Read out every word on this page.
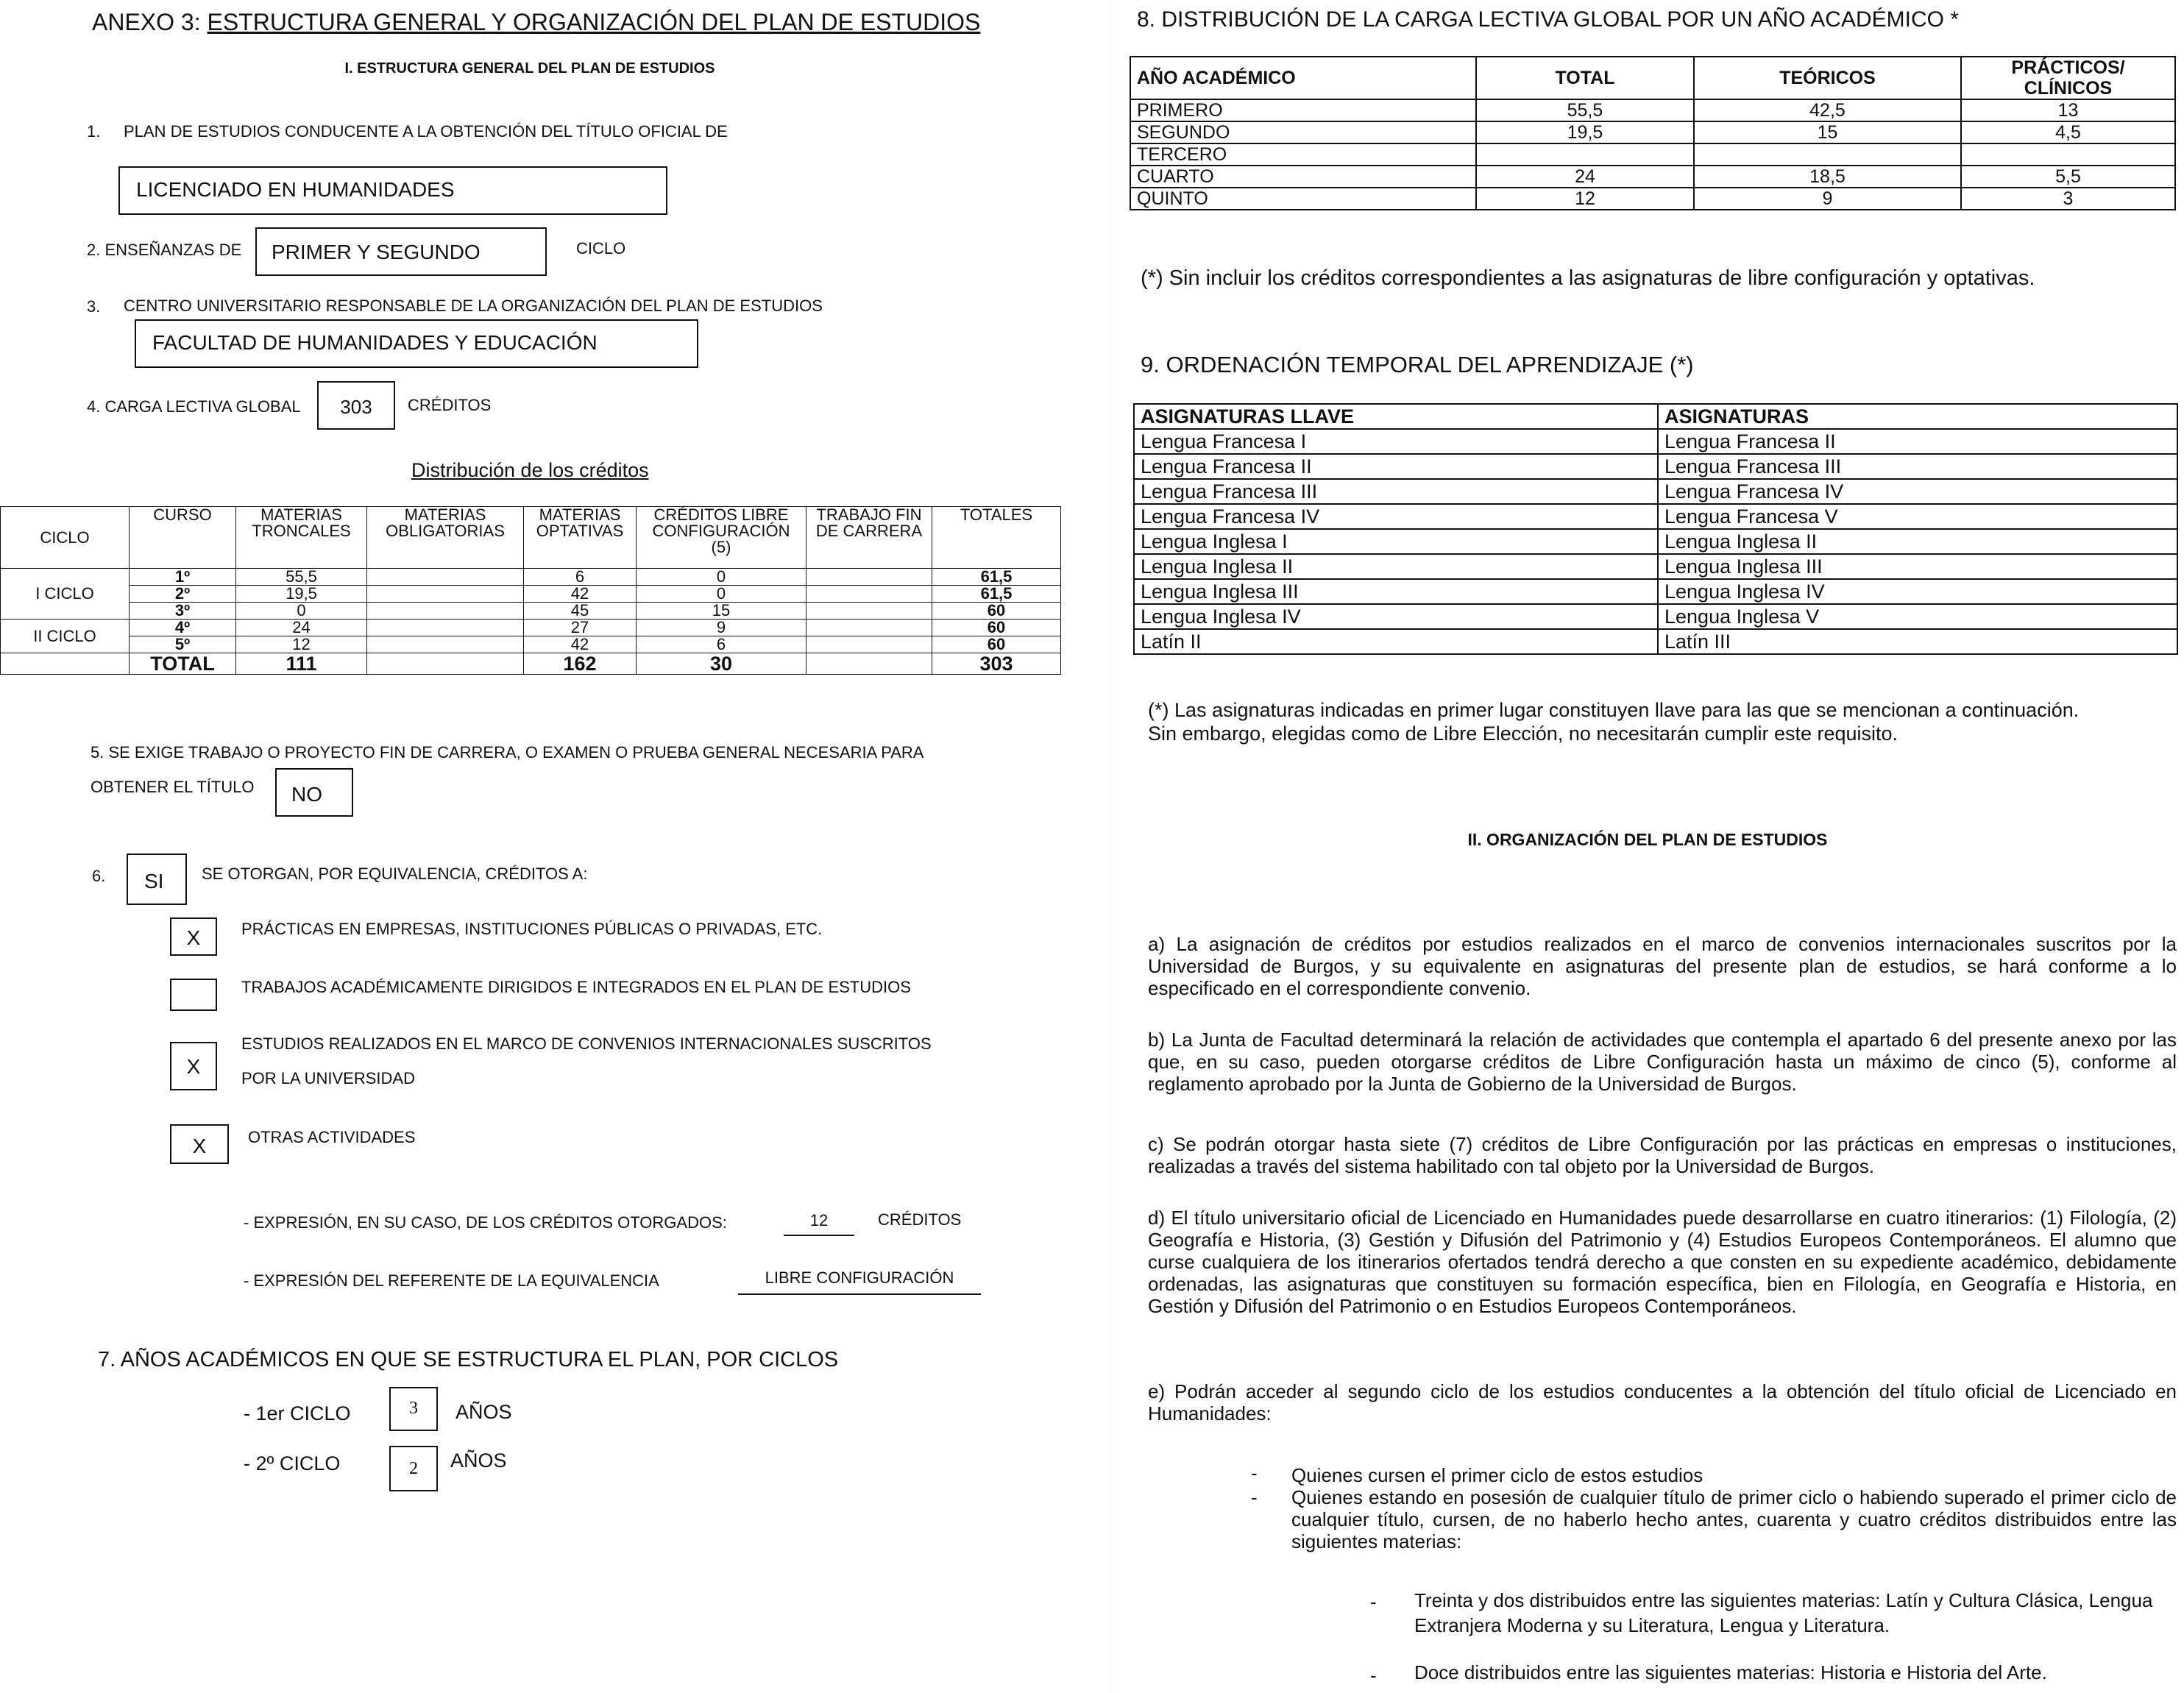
ANEXO 3: ESTRUCTURA GENERAL Y ORGANIZACIÓN DEL PLAN DE ESTUDIOS
I. ESTRUCTURA GENERAL DEL PLAN DE ESTUDIOS
1. PLAN DE ESTUDIOS CONDUCENTE A LA OBTENCIÓN DEL TÍTULO OFICIAL DE
LICENCIADO EN HUMANIDADES
2. ENSEÑANZAS DE PRIMER Y SEGUNDO	CICLO
3. CENTRO UNIVERSITARIO RESPONSABLE DE LA ORGANIZACIÓN DEL PLAN DE ESTUDIOS
FACULTAD DE HUMANIDADES Y EDUCACIÓN
4. CARGA LECTIVA GLOBAL	303	CRÉDITOS
Distribución de los créditos
CICLO	CURSO	MATERIAS TRONCALES	MATERIAS OBLIGATORIAS	MATERIAS OPTATIVAS	CRÉDITOS LIBRE CONFIGURACIÓN (5)	TRABAJO FIN DE CARRERA	TOTALES
I CICLO	1º	55,5		6	0		61,5
	2º	19,5		42	0		61,5
	3º	0		45	15		60
II CICLO	4º	24		27	9		60
	5º	12		42	6		60
	TOTAL	111		162	30		303
5. SE EXIGE TRABAJO O PROYECTO FIN DE CARRERA, O EXAMEN O PRUEBA GENERAL NECESARIA PARA
OBTENER EL TÍTULO NO
6. SI SE OTORGAN, POR EQUIVALENCIA, CRÉDITOS A:
X	PRÁCTICAS EN EMPRESAS, INSTITUCIONES PÚBLICAS O PRIVADAS, ETC.
TRABAJOS ACADÉMICAMENTE DIRIGIDOS E INTEGRADOS EN EL PLAN DE ESTUDIOS
X
ESTUDIOS REALIZADOS EN EL MARCO DE CONVENIOS INTERNACIONALES SUSCRITOS
POR LA UNIVERSIDAD
X	OTRAS ACTIVIDADES
- EXPRESIÓN, EN SU CASO, DE LOS CRÉDITOS OTORGADOS:	12	CRÉDITOS
- EXPRESIÓN DEL REFERENTE DE LA EQUIVALENCIA	LIBRE CONFIGURACIÓN
7. AÑOS ACADÉMICOS EN QUE SE ESTRUCTURA EL PLAN, POR CICLOS
- 1er CICLO	3	AÑOS
- 2º CICLO	2	AÑOS
8. DISTRIBUCIÓN DE LA CARGA LECTIVA GLOBAL POR UN AÑO ACADÉMICO *
AÑO ACADÉMICO	TOTAL	TEÓRICOS	PRÁCTICOS/ CLÍNICOS
PRIMERO	55,5	42,5	13
SEGUNDO	19,5	15	4,5
TERCERO			
CUARTO	24	18,5	5,5
QUINTO	12	9	3
(*) Sin incluir los créditos correspondientes a las asignaturas de libre configuración y optativas.
9. ORDENACIÓN TEMPORAL DEL APRENDIZAJE (*)
ASIGNATURAS LLAVE	ASIGNATURAS
Lengua Francesa I	Lengua Francesa II
Lengua Francesa II	Lengua Francesa III
Lengua Francesa III	Lengua Francesa IV
Lengua Francesa IV	Lengua Francesa V
Lengua Inglesa I	Lengua Inglesa II
Lengua Inglesa II	Lengua Inglesa III
Lengua Inglesa III	Lengua Inglesa IV
Lengua Inglesa IV	Lengua Inglesa V
Latín II	Latín III
(*) Las asignaturas indicadas en primer lugar constituyen llave para las que se mencionan a continuación.
Sin embargo, elegidas como de Libre Elección, no necesitarán cumplir este requisito.
II. ORGANIZACIÓN DEL PLAN DE ESTUDIOS
a) La asignación de créditos por estudios realizados en el marco de convenios internacionales suscritos por la Universidad de Burgos, y su equivalente en asignaturas del presente plan de estudios, se hará conforme a lo especificado en el correspondiente convenio.
b) La Junta de Facultad determinará la relación de actividades que contempla el apartado 6 del presente anexo por las que, en su caso, pueden otorgarse créditos de Libre Configuración hasta un máximo de cinco (5), conforme al reglamento aprobado por la Junta de Gobierno de la Universidad de Burgos.
c) Se podrán otorgar hasta siete (7) créditos de Libre Configuración por las prácticas en empresas o instituciones, realizadas a través del sistema habilitado con tal objeto por la Universidad de Burgos.
d) El título universitario oficial de Licenciado en Humanidades puede desarrollarse en cuatro itinerarios: (1) Filología, (2) Geografía e Historia, (3) Gestión y Difusión del Patrimonio y (4) Estudios Europeos Contemporáneos. El alumno que curse cualquiera de los itinerarios ofertados tendrá derecho a que consten en su expediente académico, debidamente ordenadas, las asignaturas que constituyen su formación específica, bien en Filología, en Geografía e Historia, en Gestión y Difusión del Patrimonio o en Estudios Europeos Contemporáneos.
e) Podrán acceder al segundo ciclo de los estudios conducentes a la obtención del título oficial de Licenciado en Humanidades:
- Quienes cursen el primer ciclo de estos estudios
- Quienes estando en posesión de cualquier título de primer ciclo o habiendo superado el primer ciclo de cualquier título, cursen, de no haberlo hecho antes, cuarenta y cuatro créditos distribuidos entre las siguientes materias:
- Treinta y dos distribuidos entre las siguientes materias: Latín y Cultura Clásica, Lengua Extranjera Moderna y su Literatura, Lengua y Literatura.
- Doce distribuidos entre las siguientes materias: Historia e Historia del Arte.
